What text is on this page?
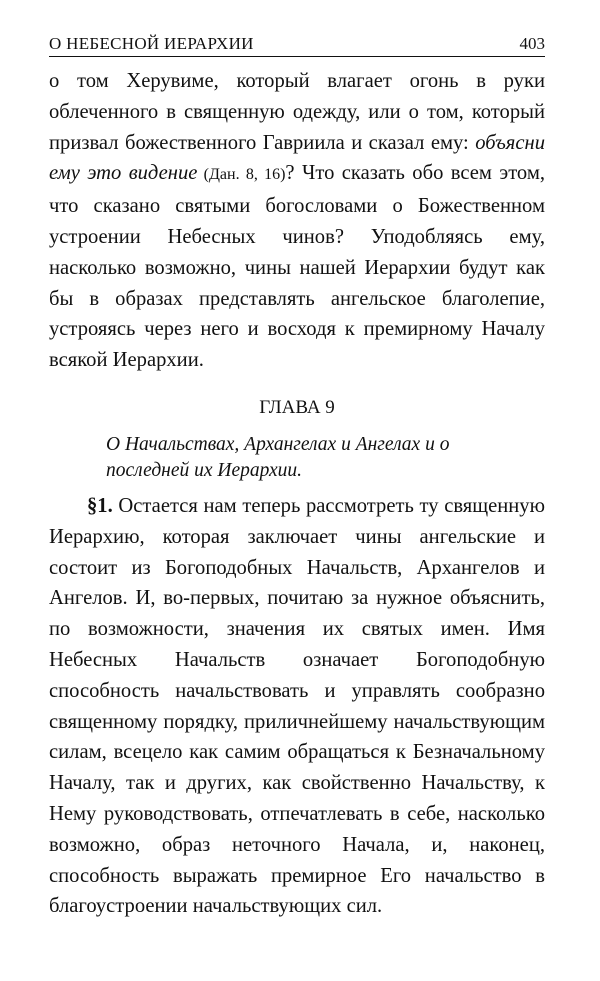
О НЕБЕСНОЙ ИЕРАРХИИ	403
о том Херувиме, который влагает огонь в руки облеченного в священную одежду, или о том, который призвал божественного Гавриила и сказал ему: объясни ему это видение (Дан. 8, 16)? Что сказать обо всем этом, что сказано святыми богословами о Божественном устроении Небесных чинов? Уподобляясь ему, насколько возможно, чины нашей Иерархии будут как бы в образах представлять ангельское благолепие, устрояясь через него и восходя к премирному Началу всякой Иерархии.
ГЛАВА 9
О Начальствах, Архангелах и Ангелах и о последней их Иерархии.
§1. Остается нам теперь рассмотреть ту священную Иерархию, которая заключает чины ангельские и состоит из Богоподобных Начальств, Архангелов и Ангелов. И, во-первых, почитаю за нужное объяснить, по возможности, значения их святых имен. Имя Небесных Начальств означает Богоподобную способность начальствовать и управлять сообразно священному порядку, приличнейшему начальствующим силам, всецело как самим обращаться к Безначальному Началу, так и других, как свойственно Начальству, к Нему руководствовать, отпечатлевать в себе, насколько возможно, образ неточного Начала, и, наконец, способность выражать премирное Его начальство в благоустроении начальствующих сил.
